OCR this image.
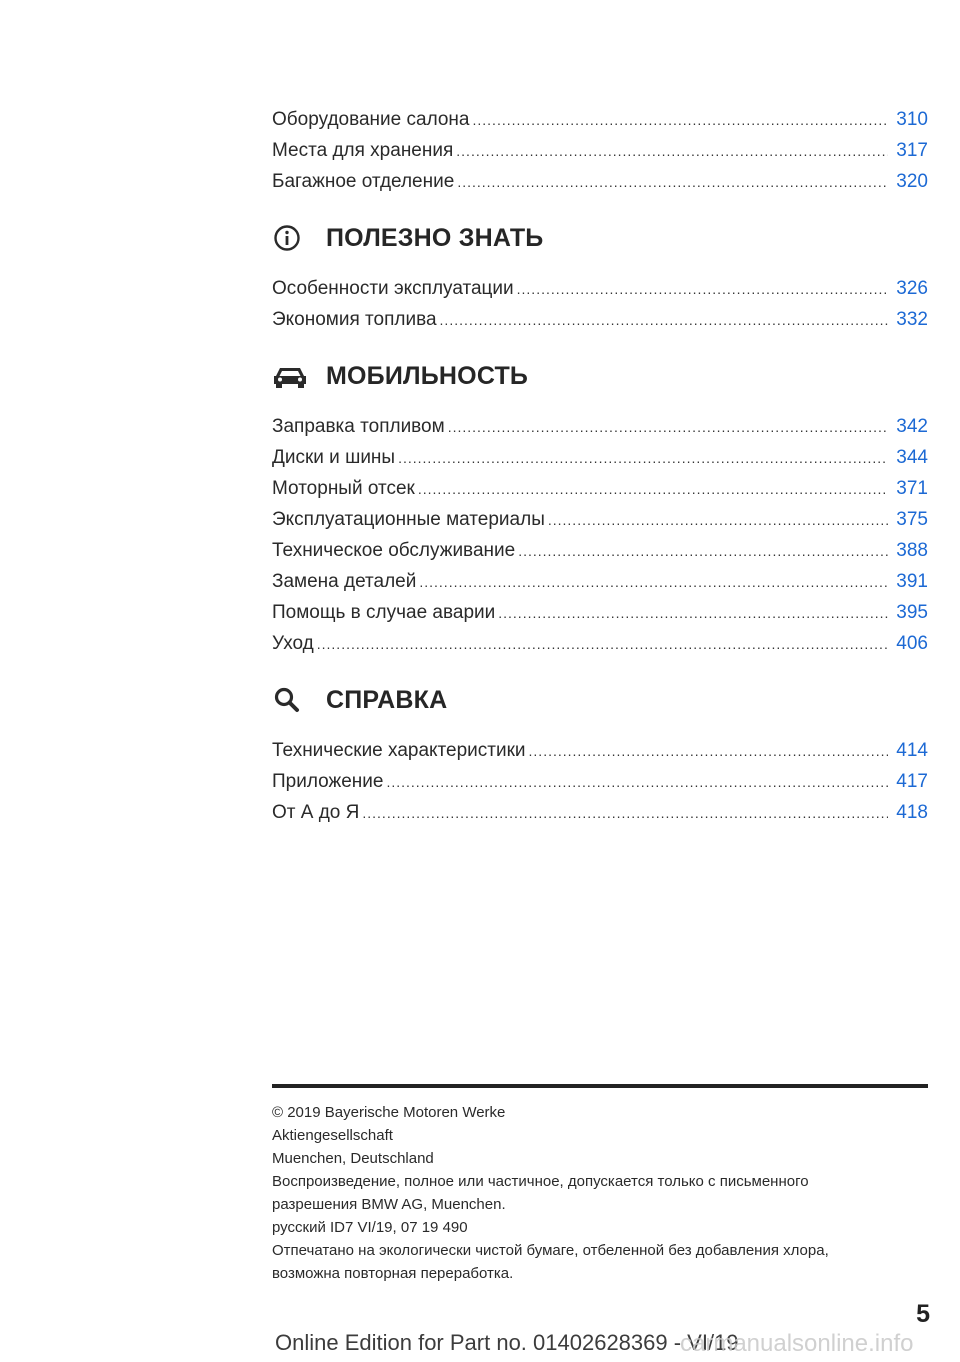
Оборудование салона .....	310
Места для хранения .....	317
Багажное отделение .....	320
ПОЛЕЗНО ЗНАТЬ
Особенности эксплуатации .....	326
Экономия топлива .....	332
МОБИЛЬНОСТЬ
Заправка топливом .....	342
Диски и шины .....	344
Моторный отсек .....	371
Эксплуатационные материалы .....	375
Техническое обслуживание .....	388
Замена деталей .....	391
Помощь в случае аварии .....	395
Уход .....	406
СПРАВКА
Технические характеристики .....	414
Приложение .....	417
От А до Я .....	418
© 2019 Bayerische Motoren Werke
Aktiengesellschaft
Muenchen, Deutschland
Воспроизведение, полное или частичное, допускается только с письменного
разрешения BMW AG, Muenchen.
русский ID7 VI/19, 07 19 490
Отпечатано на экологически чистой бумаге, отбеленной без добавления хлора,
возможна повторная переработка.
5
Online Edition for Part no. 01402628369 - VI/19
carmanualsonline.info
